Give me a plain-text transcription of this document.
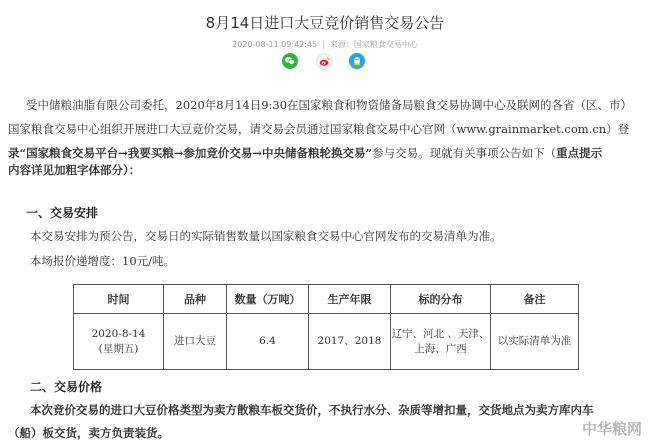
8月14日进口大豆竞价销售交易公告
2020-08-11 09:42:45 | 来源：国家粮食交易中心
受中储粮油脂有限公司委托，2020年8月14日9:30在国家粮食和物资储备局粮食交易协调中心及联网的各省（区、市）
国家粮食交易中心组织开展进口大豆竞价交易，请交易会员通过国家粮食交易中心官网（www.grainmarket.com.cn）登
录“国家粮食交易平台→我要买粮→参加竞价交易→中央储备粮轮换交易”参与交易。现就有关事项公告如下（重点提示
内容详见加粗字体部分）：
一、交易安排
本交易安排为预公告，交易日的实际销售数量以国家粮食交易中心官网发布的交易清单为准。
本场报价递增度：10元/吨。
时间	品种	数量（万吨）	生产年限	标的分布	备注
2020-8-14
(星期五)	进口大豆	6.4	2017、2018	辽宁、河北 、天津、
上海、广西	以实际清单为准
二、交易价格
本次竞价交易的进口大豆价格类型为卖方散粮车板交货价，不执行水分、杂质等增扣量，交货地点为卖方库内车
（船）板交货，卖方负责装货。	中华粮网
